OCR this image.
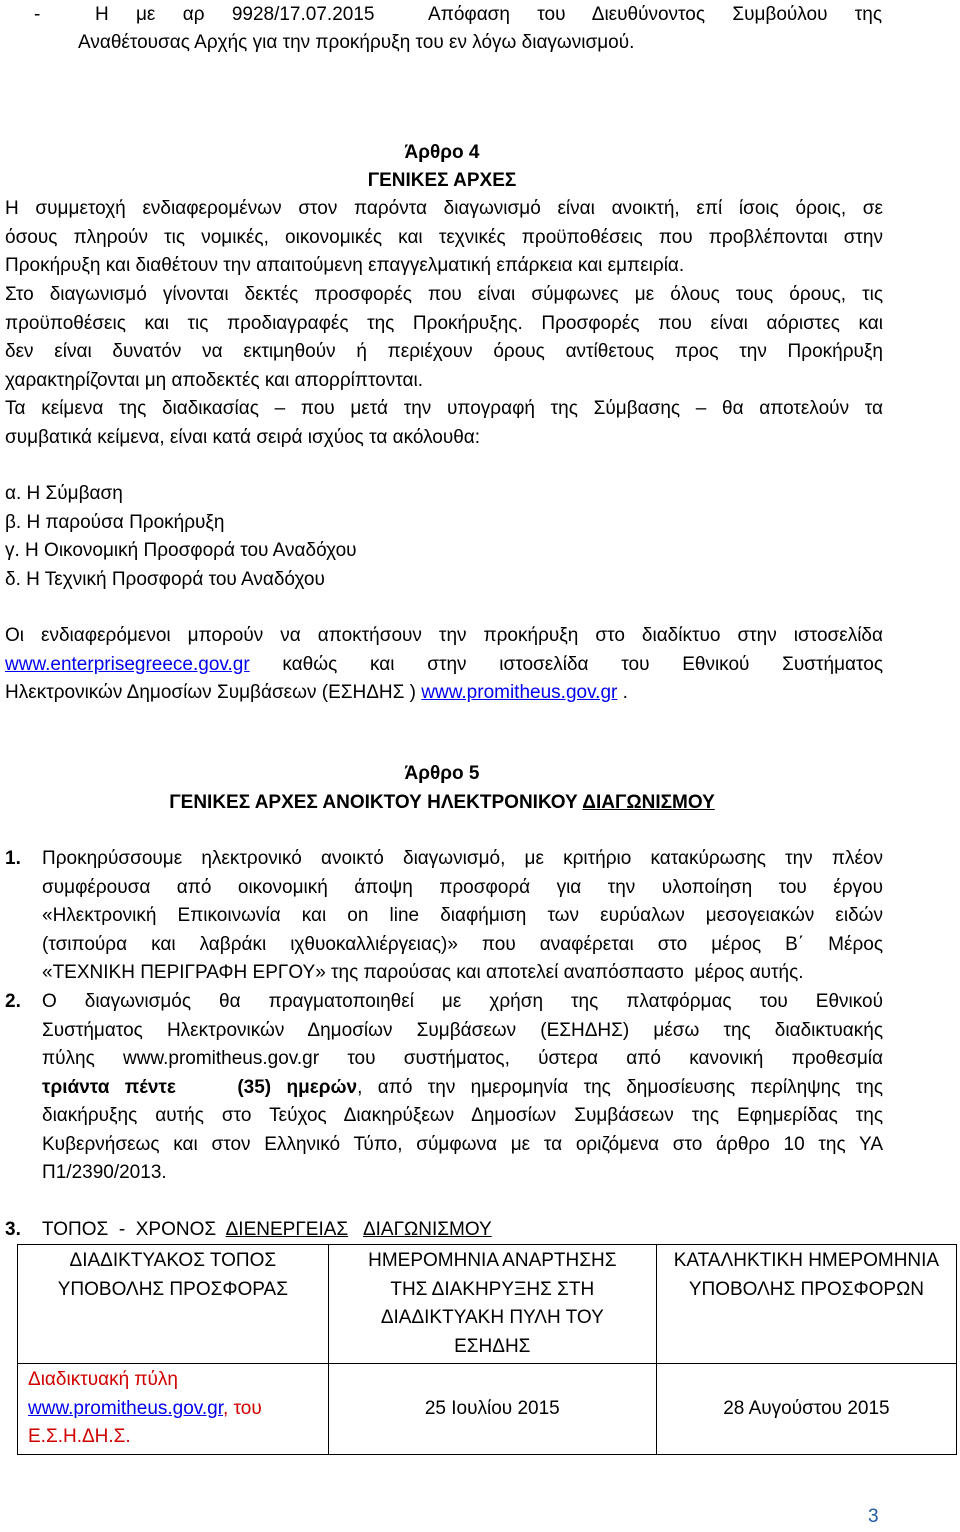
-    Η  με  αρ  9928/17.07.2015    Απόφαση  του  Διευθύνοντος  Συμβούλου  της
Αναθέτουσας Αρχής για την προκήρυξη του εν λόγω διαγωνισμού.
Άρθρο 4
ΓΕΝΙΚΕΣ ΑΡΧΕΣ
Η συμμετοχή ενδιαφερομένων στον παρόντα διαγωνισμό είναι ανοικτή, επί ίσοις όροις, σε
όσους πληρούν τις νομικές, οικονομικές και τεχνικές προϋποθέσεις που προβλέπονται στην
Προκήρυξη και διαθέτουν την απαιτούμενη επαγγελματική επάρκεια και εμπειρία.
Στο διαγωνισμό γίνονται δεκτές προσφορές που είναι σύμφωνες με όλους τους όρους, τις
προϋποθέσεις και τις προδιαγραφές της Προκήρυξης. Προσφορές που είναι αόριστες και
δεν είναι δυνατόν να εκτιμηθούν ή περιέχουν όρους αντίθετους προς την Προκήρυξη
χαρακτηρίζονται μη αποδεκτές και απορρίπτονται.
Τα κείμενα της διαδικασίας – που μετά την υπογραφή της Σύμβασης – θα αποτελούν τα
συμβατικά κείμενα, είναι κατά σειρά ισχύος τα ακόλουθα:
α. Η Σύμβαση
β. Η παρούσα Προκήρυξη
γ. Η Οικονομική Προσφορά του Αναδόχου
δ. Η Τεχνική Προσφορά του Αναδόχου
Οι ενδιαφερόμενοι μπορούν να αποκτήσουν την προκήρυξη στο διαδίκτυο στην ιστοσελίδα
www.enterprisegreece.gov.gr  καθώς  και  στην  ιστοσελίδα  του  Εθνικού  Συστήματος
Ηλεκτρονικών Δημοσίων Συμβάσεων (ΕΣΗΔΗΣ ) www.promitheus.gov.gr .
Άρθρο 5
ΓΕΝΙΚΕΣ ΑΡΧΕΣ ΑΝΟΙΚΤΟΥ ΗΛΕΚΤΡΟΝΙΚΟΥ ΔΙΑΓΩΝΙΣΜΟΥ
1. Προκηρύσσουμε ηλεκτρονικό ανοικτό διαγωνισμό, με κριτήριο κατακύρωσης την πλέον
συμφέρουσα  από  οικονομική  άποψη  προσφορά  για  την  υλοποίηση  του  έργου
«Ηλεκτρονική Επικοινωνία και on line διαφήμιση των ευρύαλων μεσογειακών ειδών
(τσιπούρα  και  λαβράκι  ιχθυοκαλλιέργειας)»  που  αναφέρεται  στο  μέρος  Β΄  Μέρος
«ΤΕΧΝΙΚΗ ΠΕΡΙΓΡΑΦΗ ΕΡΓΟΥ» της παρούσας και αποτελεί αναπόσπαστο  μέρος αυτής.
2. Ο  διαγωνισμός  θα  πραγματοποιηθεί  με  χρήση  της  πλατφόρμας  του  Εθνικού
Συστήματος  Ηλεκτρονικών  Δημοσίων  Συμβάσεων  (ΕΣΗΔΗΣ)  μέσω  της  διαδικτυακής
πύλης  www.promitheus.gov.gr  του  συστήματος,  ύστερα  από  κανονική  προθεσμία
τριάντα πέντε    (35) ημερών, από την ημερομηνία της δημοσίευσης περίληψης της
διακήρυξης αυτής στο Τεύχος Διακηρύξεων Δημοσίων Συμβάσεων της Εφημερίδας της
Κυβερνήσεως και στον Ελληνικό Τύπο, σύμφωνα με τα οριζόμενα στο άρθρο 10 της ΥΑ
Π1/2390/2013.
3. ΤΟΠΟΣ  -  ΧΡΟΝΟΣ  ΔΙΕΝΕΡΓΕΙΑΣ ΔΙΑΓΩΝΙΣΜΟΥ
ΔΙΑΔΙΚΤΥΑΚΟΣ ΤΟΠΟΣ
ΥΠΟΒΟΛΗΣ ΠΡΟΣΦΟΡΑΣ	ΗΜΕΡΟΜΗΝΙΑ ΑΝΑΡΤΗΣΗΣ ΤΗΣ ΔΙΑΚΗΡΥΞΗΣ ΣΤΗ ΔΙΑΔΙΚΤΥΑΚΗ ΠΥΛΗ ΤΟΥ ΕΣΗΔΗΣ	ΚΑΤΑΛΗΚΤΙΚΗ ΗΜΕΡΟΜΗΝΙΑ ΥΠΟΒΟΛΗΣ ΠΡΟΣΦΟΡΩΝ

Διαδικτυακή πύλη
www.promitheus.gov.gr, του
Ε.Σ.Η.ΔΗ.Σ.	25 Ιουλίου 2015	28 Αυγούστου 2015
3
